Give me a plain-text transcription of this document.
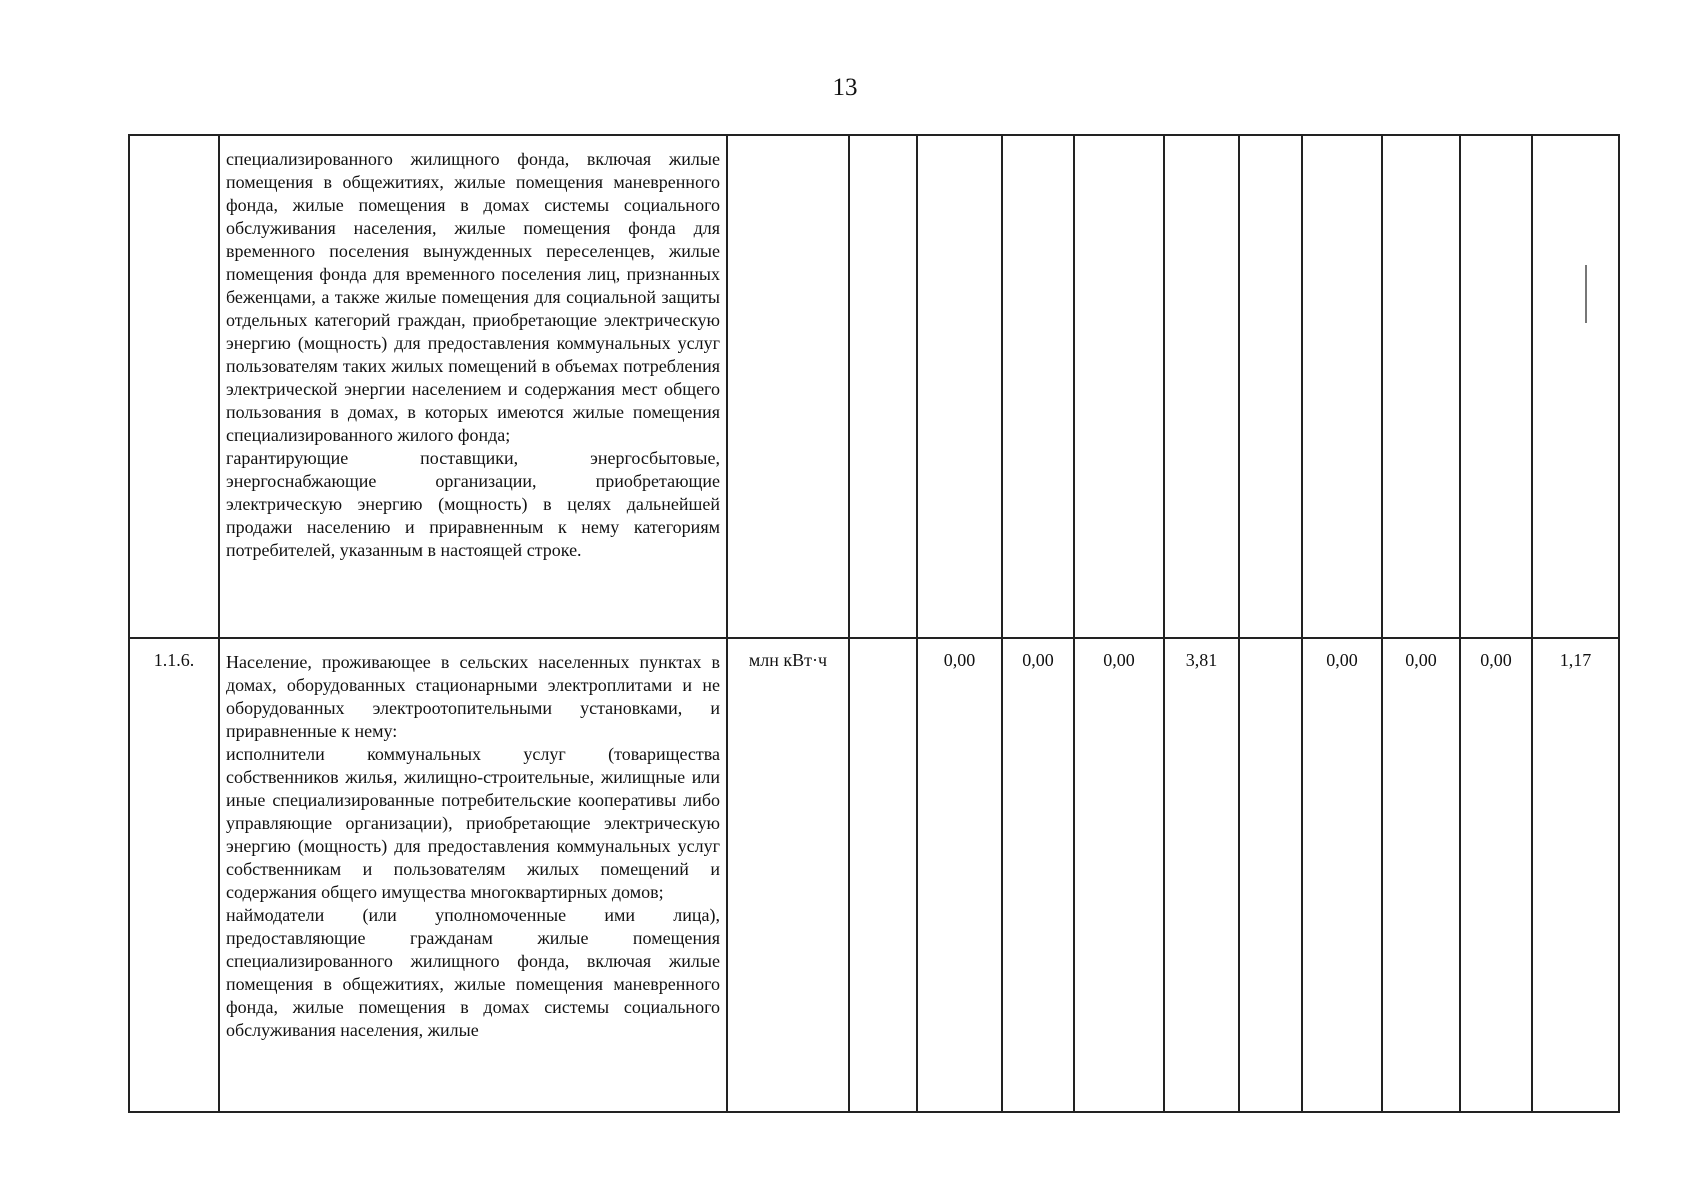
13

	специализированного жилищного фонда, включая жилые помещения в общежитиях, жилые помещения маневренного фонда, жилые помещения в домах системы социального обслуживания населения, жилые помещения фонда для временного поселения вынужденных переселенцев, жилые помещения фонда для временного поселения лиц, признанных беженцами, а также жилые помещения для социальной защиты отдельных категорий граждан, приобретающие электрическую энергию (мощность) для предоставления коммунальных услуг пользователям таких жилых помещений в объемах потребления электрической энергии населением и содержания мест общего пользования в домах, в которых имеются жилые помещения специализированного жилого фонда;
гарантирующие поставщики, энергосбытовые, энергоснабжающие организации, приобретающие электрическую энергию (мощность) в целях дальнейшей продажи населению и приравненным к нему категориям потребителей, указанным в настоящей строке.											

1.1.6.	Население, проживающее в сельских населенных пунктах в домах, оборудованных стационарными электроплитами и не оборудованных электроотопительными установками, и приравненные к нему:
исполнители коммунальных услуг (товарищества собственников жилья, жилищно-строительные, жилищные или иные специализированные потребительские кооперативы либо управляющие организации), приобретающие электрическую энергию (мощность) для предоставления коммунальных услуг собственникам и пользователям жилых помещений и содержания общего имущества многоквартирных домов;
наймодатели (или уполномоченные ими лица), предоставляющие гражданам жилые помещения специализированного жилищного фонда, включая жилые помещения в общежитиях, жилые помещения маневренного фонда, жилые помещения в домах системы социального обслуживания населения, жилые	млн кВт·ч		0,00	0,00	0,00	3,81		0,00	0,00	0,00	1,17
